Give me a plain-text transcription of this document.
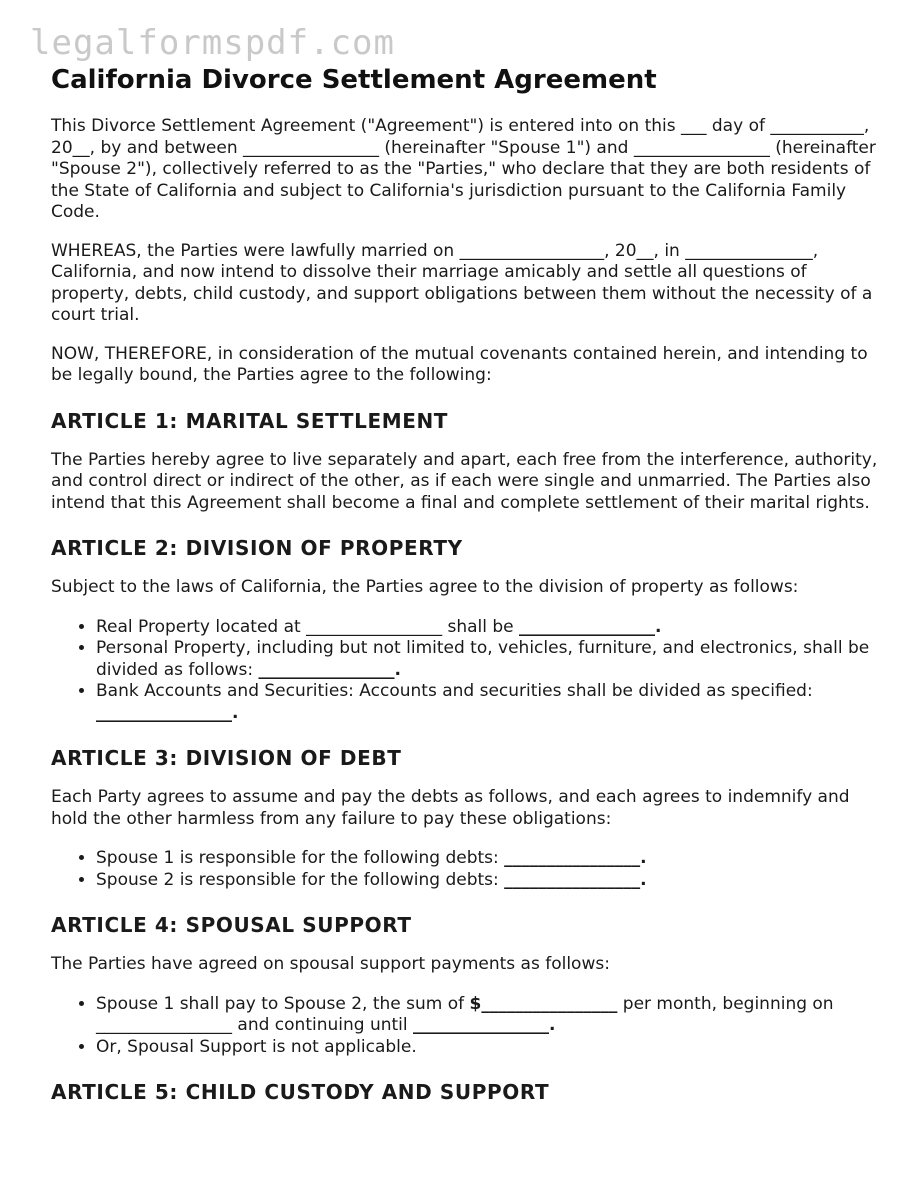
legalformspdf.com
California Divorce Settlement Agreement

This Divorce Settlement Agreement ("Agreement") is entered into on this ___ day of ___________, 20__, by and between ________________ (hereinafter "Spouse 1") and ________________ (hereinafter "Spouse 2"), collectively referred to as the "Parties," who declare that they are both residents of the State of California and subject to California's jurisdiction pursuant to the California Family Code.

WHEREAS, the Parties were lawfully married on _________________, 20__, in _______________, California, and now intend to dissolve their marriage amicably and settle all questions of property, debts, child custody, and support obligations between them without the necessity of a court trial.

NOW, THEREFORE, in consideration of the mutual covenants contained herein, and intending to be legally bound, the Parties agree to the following:

ARTICLE 1: MARITAL SETTLEMENT

The Parties hereby agree to live separately and apart, each free from the interference, authority, and control direct or indirect of the other, as if each were single and unmarried. The Parties also intend that this Agreement shall become a final and complete settlement of their marital rights.

ARTICLE 2: DIVISION OF PROPERTY

Subject to the laws of California, the Parties agree to the division of property as follows:

• Real Property located at ________________ shall be ________________.
• Personal Property, including but not limited to, vehicles, furniture, and electronics, shall be divided as follows: ________________.
• Bank Accounts and Securities: Accounts and securities shall be divided as specified: ________________.
ARTICLE 3: DIVISION OF DEBT

Each Party agrees to assume and pay the debts as follows, and each agrees to indemnify and hold the other harmless from any failure to pay these obligations:

• Spouse 1 is responsible for the following debts: ________________.
• Spouse 2 is responsible for the following debts: ________________.
ARTICLE 4: SPOUSAL SUPPORT

The Parties have agreed on spousal support payments as follows:

• Spouse 1 shall pay to Spouse 2, the sum of $________________ per month, beginning on ________________ and continuing until ________________.
• Or, Spousal Support is not applicable.
ARTICLE 5: CHILD CUSTODY AND SUPPORT
